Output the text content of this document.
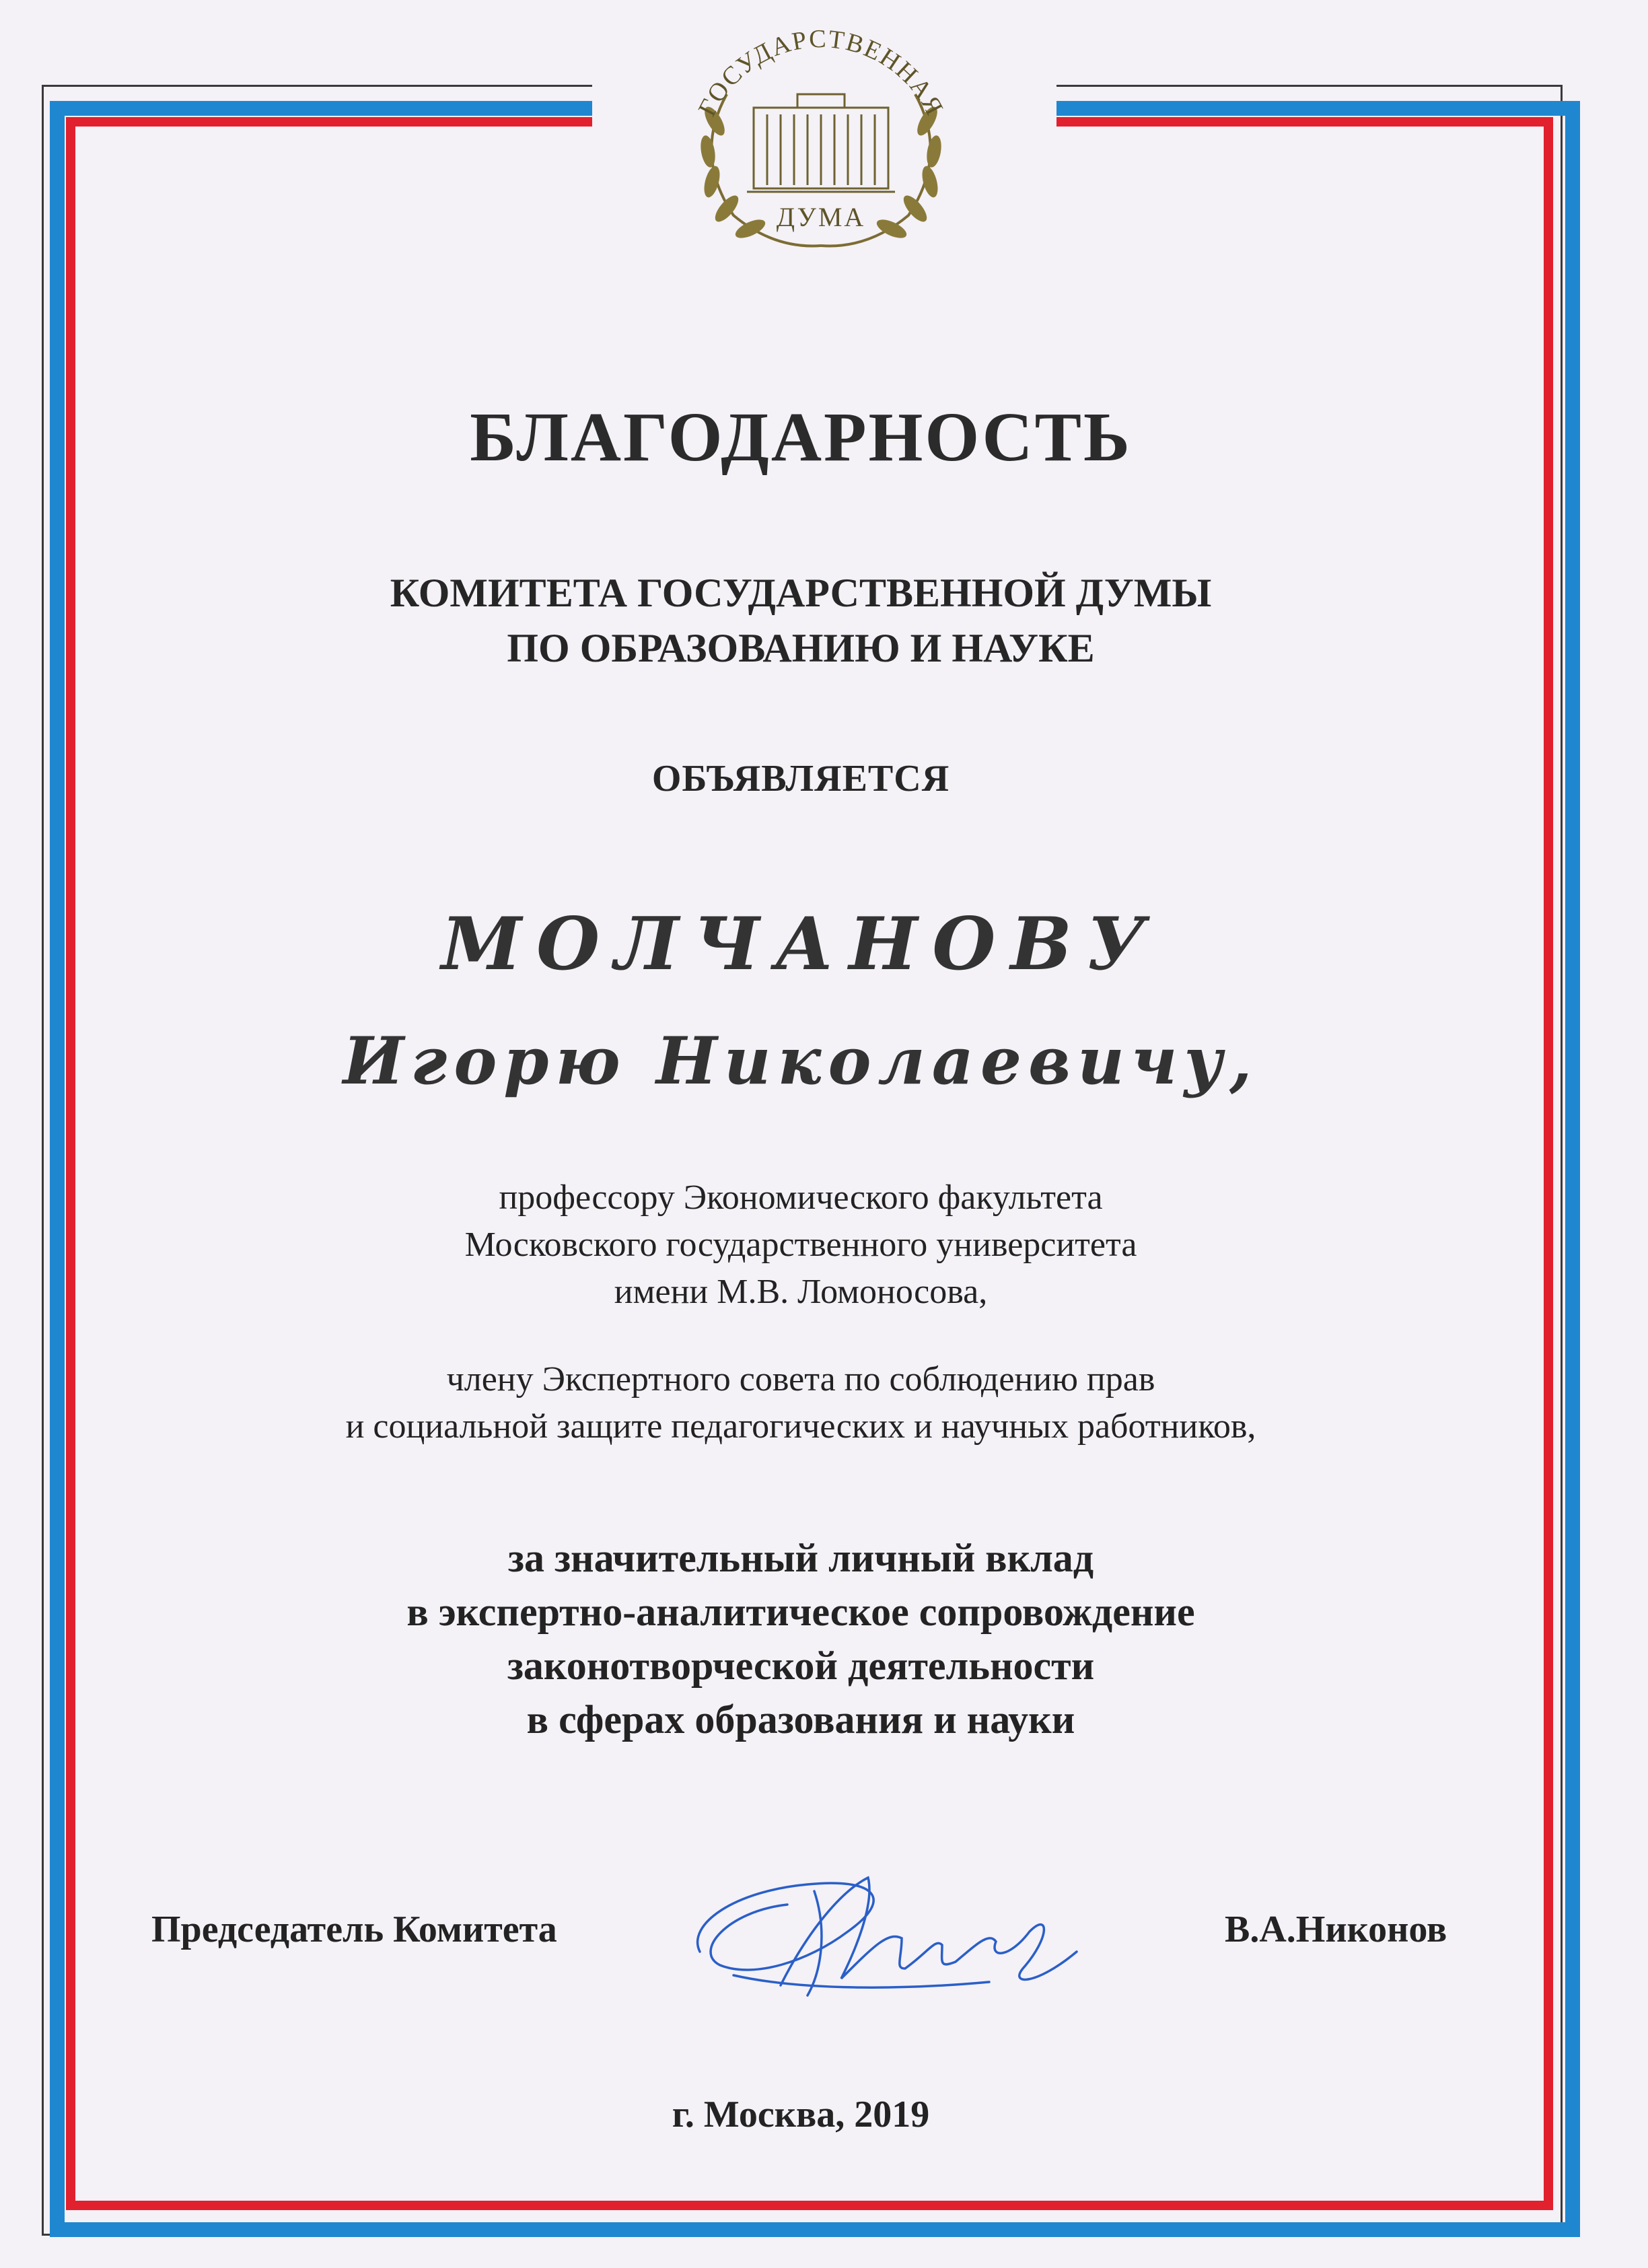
ГОСУДАРСТВЕННАЯ
ДУМА
БЛАГОДАРНОСТЬ
КОМИТЕТА ГОСУДАРСТВЕННОЙ ДУМЫ
ПО ОБРАЗОВАНИЮ И НАУКЕ
ОБЪЯВЛЯЕТСЯ
МОЛЧАНОВУ
Игорю Николаевичу,
профессору Экономического факультета
Московского государственного университета
имени М.В. Ломоносова,
члену Экспертного совета по соблюдению прав
и социальной защите педагогических и научных работников,
за значительный личный вклад
в экспертно-аналитическое сопровождение
законотворческой деятельности
в сферах образования и науки
Председатель Комитета	В.А.Никонов
г. Москва, 2019
